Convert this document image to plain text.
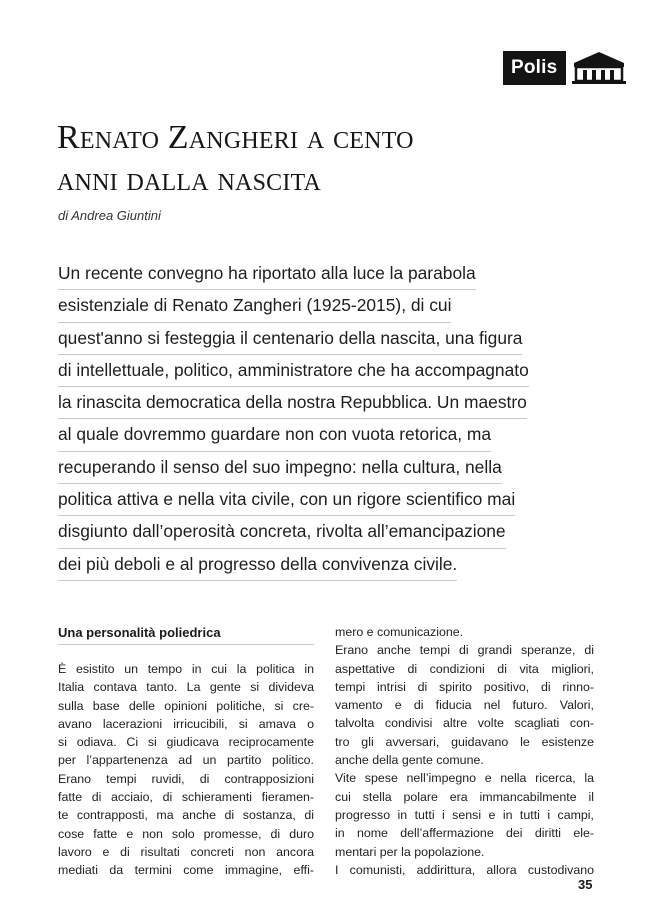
Polis
Renato Zangheri a cento
anni dalla nascita
di Andrea Giuntini
Un recente convegno ha riportato alla luce la parabola
esistenziale di Renato Zangheri (1925-2015), di cui
quest'anno si festeggia il centenario della nascita, una figura
di intellettuale, politico, amministratore che ha accompagnato
la rinascita democratica della nostra Repubblica. Un maestro
al quale dovremmo guardare non con vuota retorica, ma
recuperando il senso del suo impegno: nella cultura, nella
politica attiva e nella vita civile, con un rigore scientifico mai
disgiunto dall’operosità concreta, rivolta all’emancipazione
dei più deboli e al progresso della convivenza civile.
Una personalità poliedrica
È esistito un tempo in cui la politica in
Italia contava tanto. La gente si divideva
sulla base delle opinioni politiche, si cre-
avano lacerazioni irricucibili, si amava o
si odiava. Ci si giudicava reciprocamente
per l’appartenenza ad un partito politico.
Erano tempi ruvidi, di contrapposizioni
fatte di acciaio, di schieramenti fieramen-
te contrapposti, ma anche di sostanza, di
cose fatte e non solo promesse, di duro
lavoro e di risultati concreti non ancora
mediati da termini come immagine, effi-
mero e comunicazione.
Erano anche tempi di grandi speranze, di
aspettative di condizioni di vita migliori,
tempi intrisi di spirito positivo, di rinno-
vamento e di fiducia nel futuro. Valori,
talvolta condivisi altre volte scagliati con-
tro gli avversari, guidavano le esistenze
anche della gente comune.
Vite spese nell’impegno e nella ricerca, la
cui stella polare era immancabilmente il
progresso in tutti i sensi e in tutti i campi,
in nome dell’affermazione dei diritti ele-
mentari per la popolazione.
I comunisti, addirittura, allora custodivano
35
